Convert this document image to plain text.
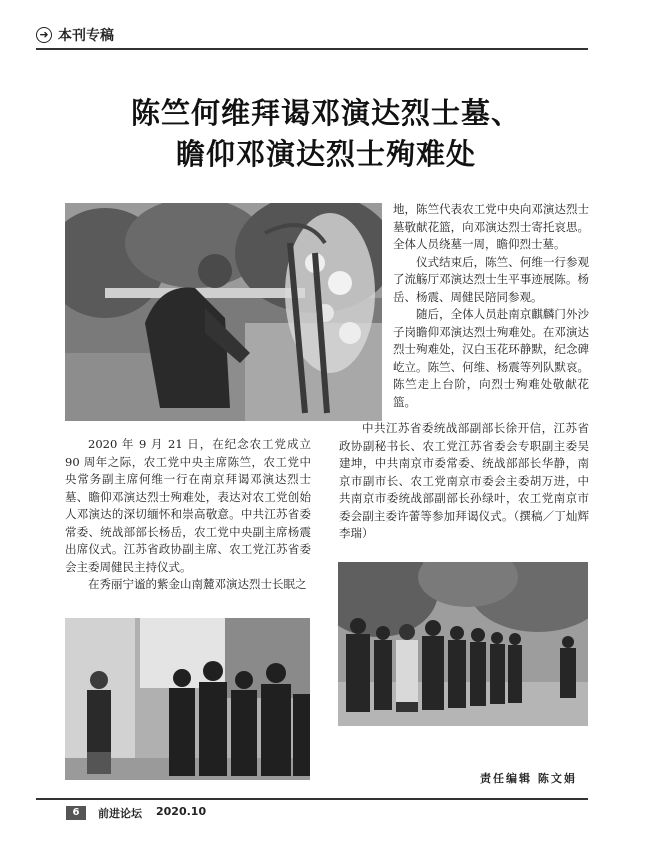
➜ 本刊专稿
陈竺何维拜谒邓演达烈士墓、
瞻仰邓演达烈士殉难处

地，陈竺代表农工党中央向邓演达烈士墓敬献花篮，向邓演达烈士寄托哀思。全体人员绕墓一周，瞻仰烈士墓。

仪式结束后，陈竺、何维一行参观了流觞厅邓演达烈士生平事迹展陈。杨岳、杨震、周健民陪同参观。

随后，全体人员赴南京麒麟门外沙子岗瞻仰邓演达烈士殉难处。在邓演达烈士殉难处，汉白玉花环静默，纪念碑屹立。陈竺、何维、杨震等列队默哀。陈竺走上台阶，向烈士殉难处敬献花篮。

2020 年 9 月 21 日，在纪念农工党成立 90 周年之际，农工党中央主席陈竺，农工党中央常务副主席何维一行在南京拜谒邓演达烈士墓、瞻仰邓演达烈士殉难处，表达对农工党创始人邓演达的深切缅怀和崇高敬意。中共江苏省委常委、统战部部长杨岳，农工党中央副主席杨震出席仪式。江苏省政协副主席、农工党江苏省委会主委周健民主持仪式。

在秀丽宁谧的紫金山南麓邓演达烈士长眠之

中共江苏省委统战部副部长徐开信，江苏省政协副秘书长、农工党江苏省委会专职副主委吴建坤，中共南京市委常委、统战部部长华静，南京市副市长、农工党南京市委会主委胡万进，中共南京市委统战部副部长孙绿叶，农工党南京市委会副主委许蕾等参加拜谒仪式。（撰稿／丁灿辉 李瑞）

责任编辑 陈文娟
6	前进论坛 2020.10
